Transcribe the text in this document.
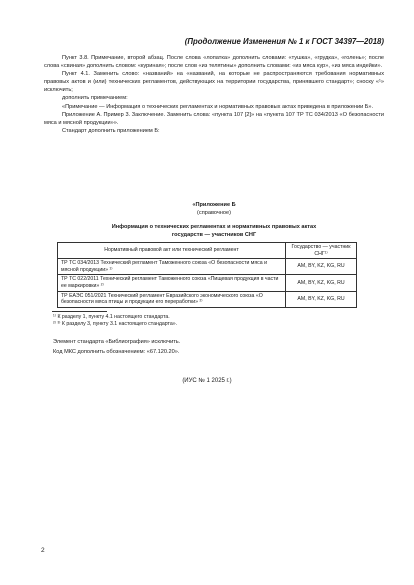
(Продолжение Изменения № 1 к ГОСТ 34397—2018)

Пункт 3.8. Примечание, второй абзац. После слова «лопатка» дополнить словами: «тушка», «грудка», «голень»; после слова «свиная» дополнить словом: «куриная»; после слов «из телятины» дополнить словами: «из мяса кур», «из мяса индейки».

Пункт 4.1. Заменить слово: «названий» на «названий, на которые не распространяются требования нормативных правовых актов и (или) технических регламентов, действующих на территории государства, принявшего стандарт»; сноску «¹» исключить;

дополнить примечанием:

«Примечание — Информация о технических регламентах и нормативных правовых актах приведена в приложении Б».

Приложение А. Пример 3. Заключение. Заменить слова: «пункта 107 [2]» на «пункта 107 ТР ТС 034/2013 «О безопасности мяса и мясной продукции»».

Стандарт дополнить приложением Б:

«Приложение Б

(справочное)

Информация о технических регламентах и нормативных правовых актах

государств — участников СНГ

Нормативный правовой акт или технический регламент	Государство — участник СНГ¹⁾
ТР ТС 034/2013 Технический регламент Таможенного союза «О безопасности мяса и мясной продукции» ¹⁾	AM, BY, KZ, KG, RU
ТР ТС 022/2011 Технический регламент Таможенного союза «Пищевая продукция в части ее маркировки» ²⁾	AM, BY, KZ, KG, RU
ТР ЕАЭС 051/2021 Технический регламент Евразийского экономического союза «О безопасности мяса птицы и продукции его переработки» ²⁾	AM, BY, KZ, KG, RU
¹⁾ К разделу 1, пункту 4.1 настоящего стандарта.
²⁾ ³⁾ К разделу 3, пункту 3.1 настоящего стандарта».
Элемент стандарта «Библиография» исключить.
Код МКС дополнить обозначением: «67.120.20».
(ИУС № 1 2025 г.)
2
